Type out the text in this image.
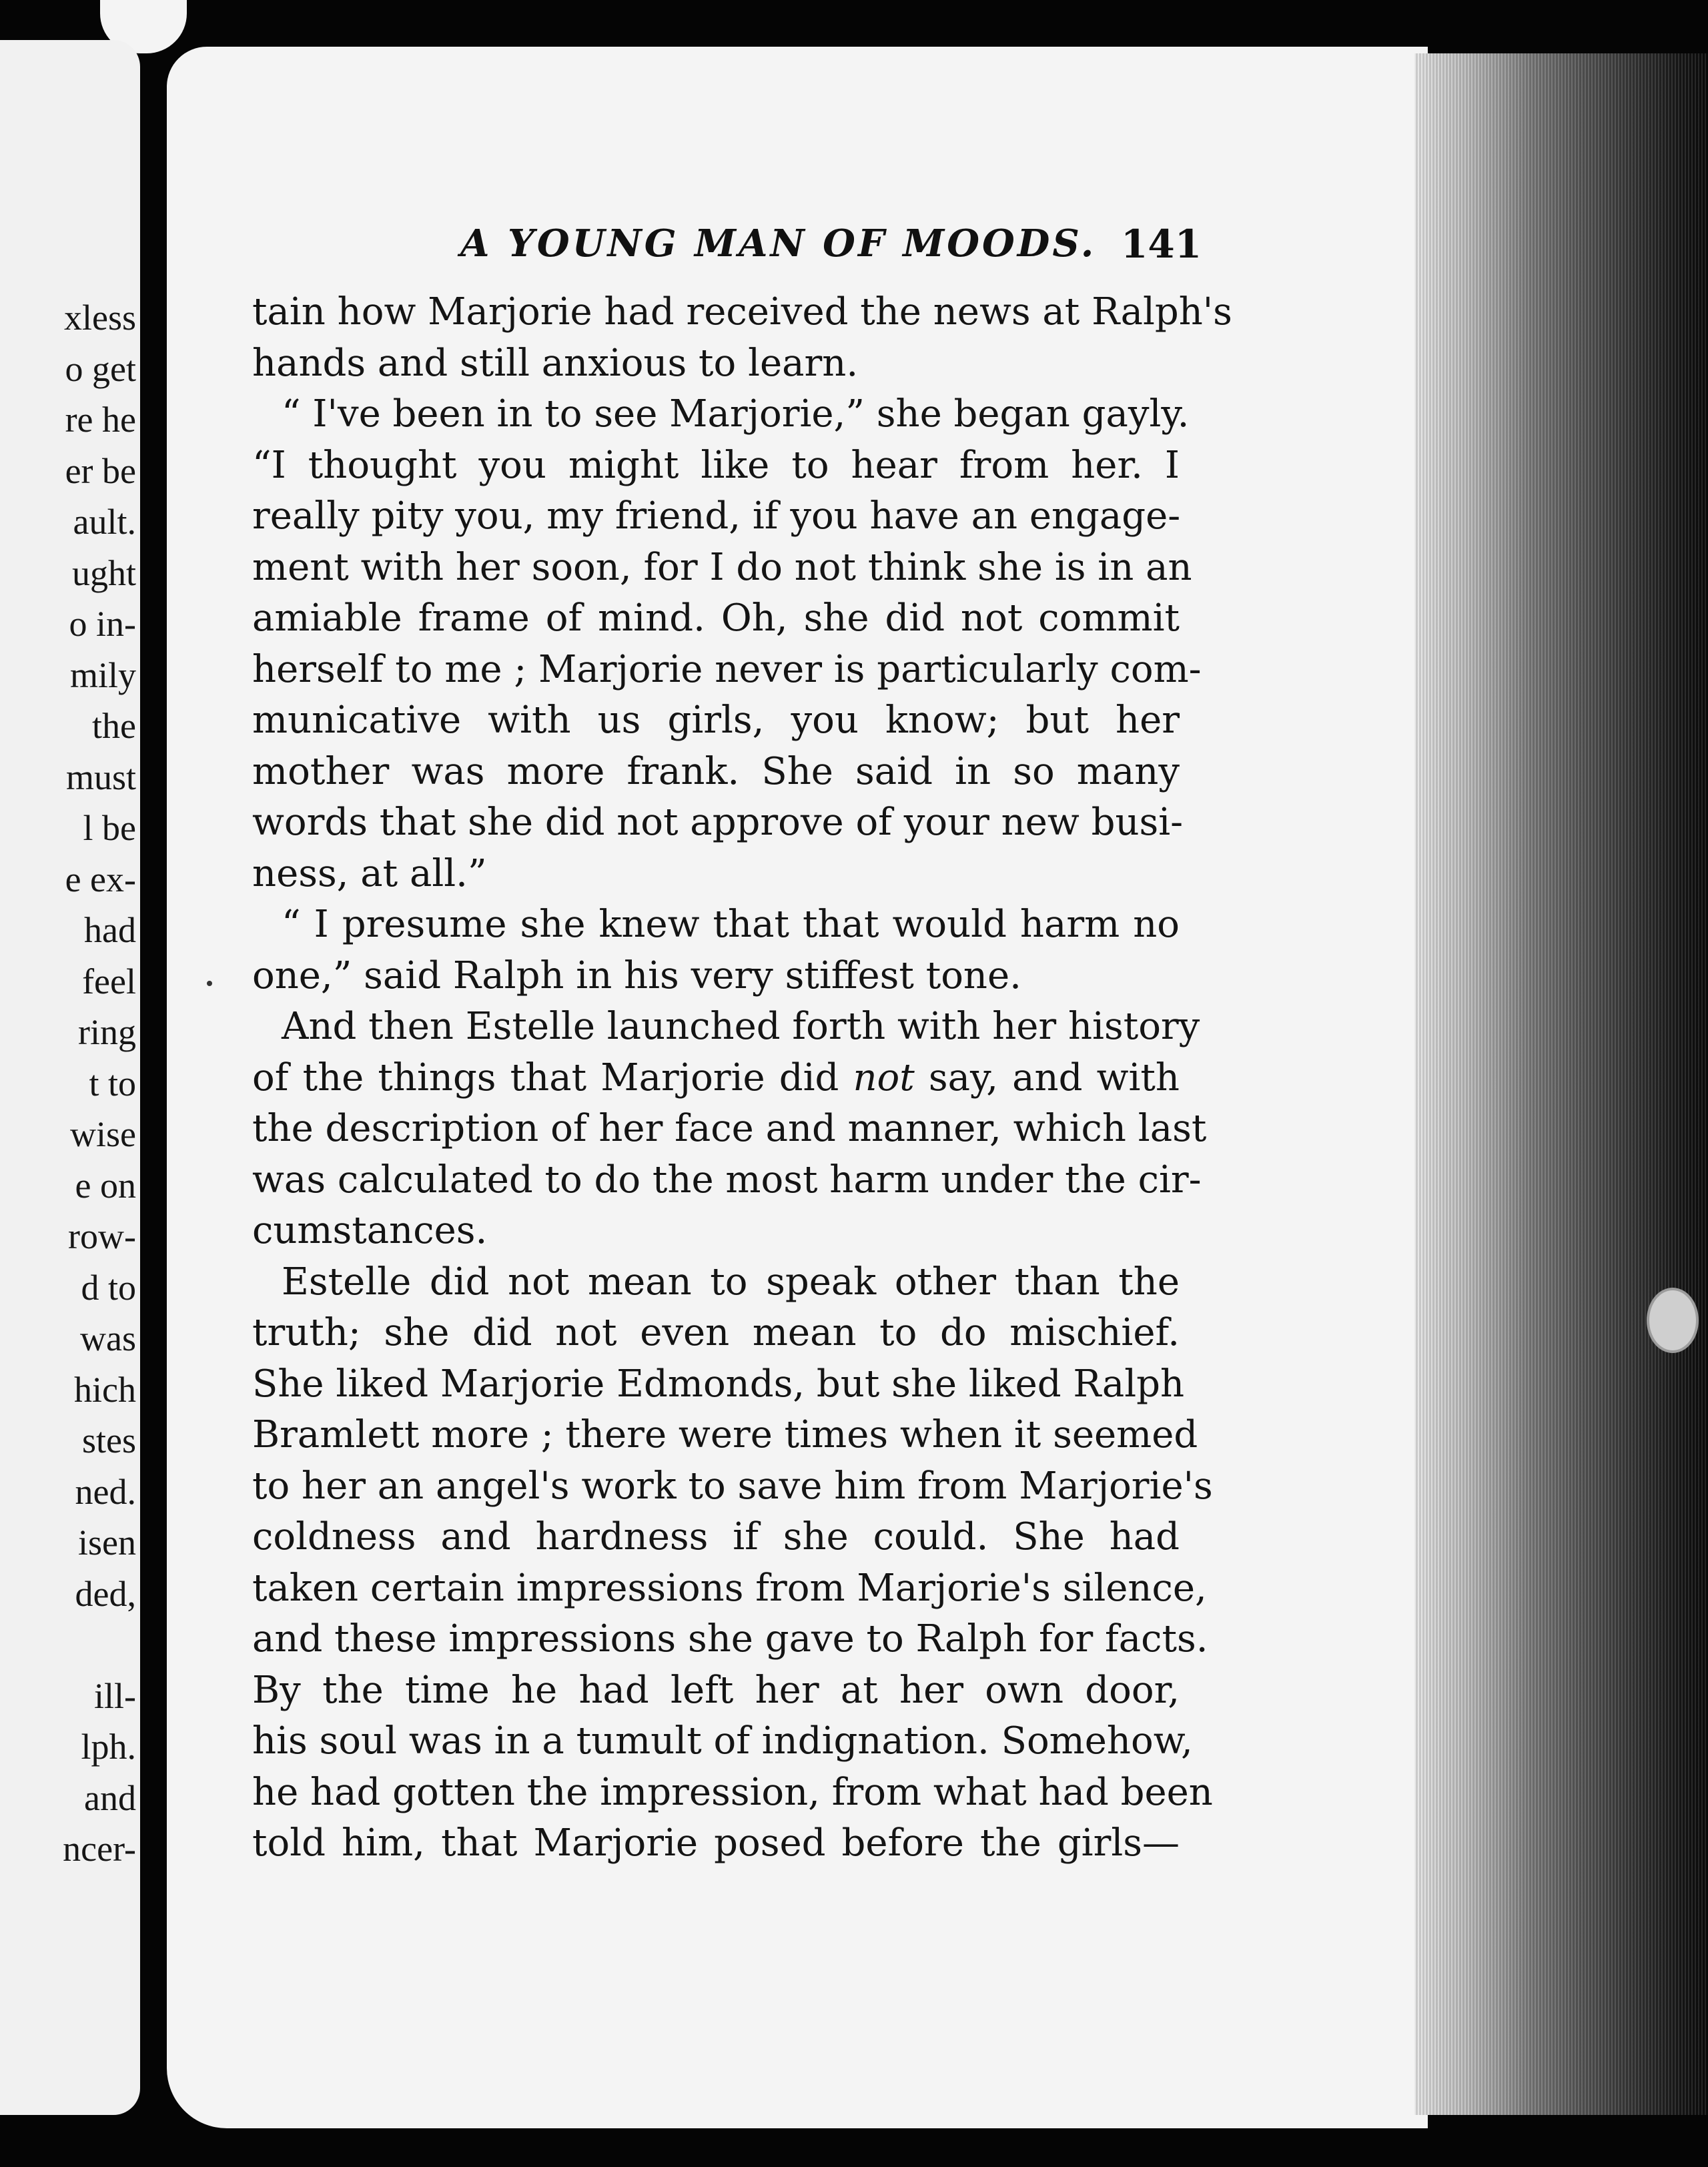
xless
o get
re he
er be
ault.
ught
o in-
mily
the
must
l be
e ex-
had
feel
ring
t to
wise
e on
row-
d to
was
hich
stes
ned.
isen
ded,
ill-
lph.
and
ncer-
A YOUNG MAN OF MOODS. 141
tain how Marjorie had received the news at Ralph's
hands and still anxious to learn.
“ I've been in to see Marjorie,” she began gayly.
“I thought you might like to hear from her. I
really pity you, my friend, if you have an engage-
ment with her soon, for I do not think she is in an
amiable frame of mind. Oh, she did not commit
herself to me ; Marjorie never is particularly com-
municative with us girls, you know; but her
mother was more frank. She said in so many
words that she did not approve of your new busi-
ness, at all.”
“ I presume she knew that that would harm no
one,” said Ralph in his very stiffest tone.
And then Estelle launched forth with her history
of the things that Marjorie did not say, and with
the description of her face and manner, which last
was calculated to do the most harm under the cir-
cumstances.
Estelle did not mean to speak other than the
truth; she did not even mean to do mischief.
She liked Marjorie Edmonds, but she liked Ralph
Bramlett more ; there were times when it seemed
to her an angel's work to save him from Marjorie's
coldness and hardness if she could. She had
taken certain impressions from Marjorie's silence,
and these impressions she gave to Ralph for facts.
By the time he had left her at her own door,
his soul was in a tumult of indignation. Somehow,
he had gotten the impression, from what had been
told him, that Marjorie posed before the girls—
